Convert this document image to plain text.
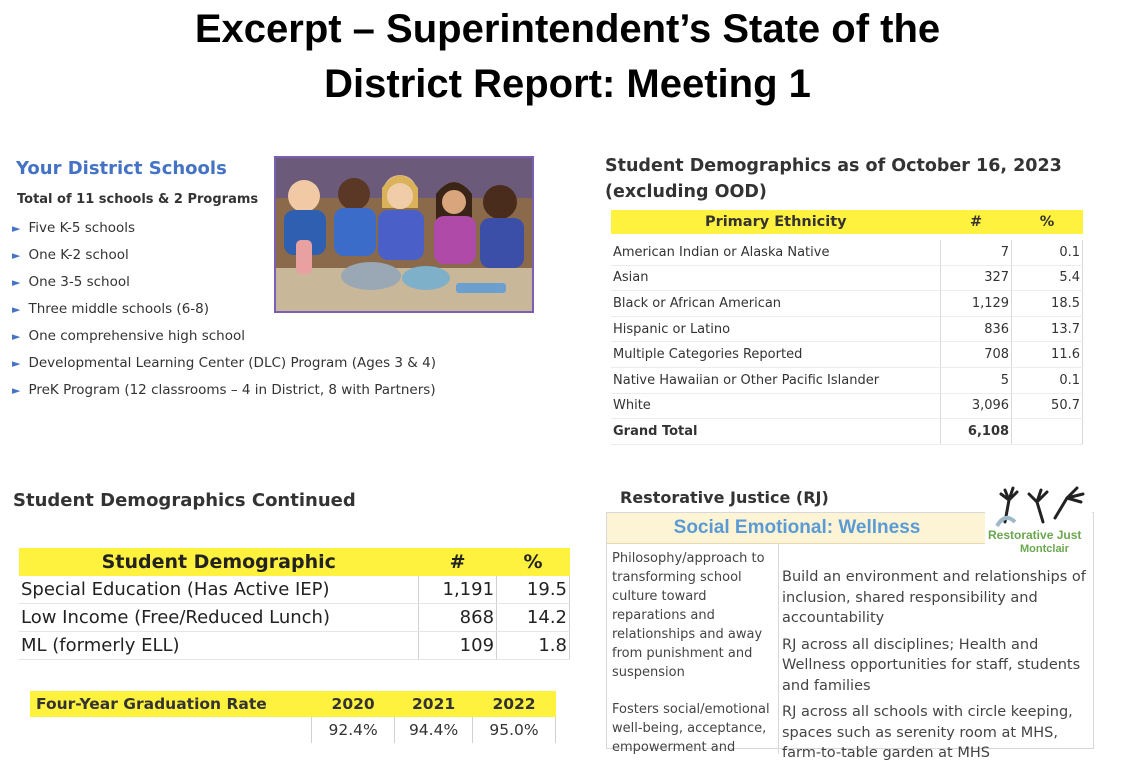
Excerpt – Superintendent’s State of the
District Report: Meeting 1
Your District Schools
Total of 11 schools & 2 Programs
► Five K-5 schools
► One K-2 school
► One 3-5 school
► Three middle schools (6-8)
► One comprehensive high school
► Developmental Learning Center (DLC) Program (Ages 3 & 4)
► PreK Program (12 classrooms – 4 in District, 8 with Partners)
Student Demographics as of October 16, 2023
(excluding OOD)
Primary Ethnicity	#	%

American Indian or Alaska Native	7	0.1
Asian	327	5.4
Black or African American	1,129	18.5
Hispanic or Latino	836	13.7
Multiple Categories Reported	708	11.6
Native Hawaiian or Other Pacific Islander	5	0.1
White	3,096	50.7
Grand Total	6,108	
Student Demographics Continued
Student Demographic	#	%
Special Education (Has Active IEP)	1,191	19.5
Low Income (Free/Reduced Lunch)	868	14.2
ML (formerly ELL)	109	1.8
Four-Year Graduation Rate	2020	2021	2022
	92.4%	94.4%	95.0%
Restorative Justice (RJ)
Social Emotional: Wellness
Philosophy/approach to transforming school culture toward reparations and relationships and away from punishment and suspension
Fosters social/emotional well-being, acceptance, empowerment and
Build an environment and relationships of inclusion, shared responsibility and accountability
RJ across all disciplines; Health and Wellness opportunities for staff, students and families
RJ across all schools with circle keeping, spaces such as serenity room at MHS, farm-to-table garden at MHS
Restorative Just
Montclair
